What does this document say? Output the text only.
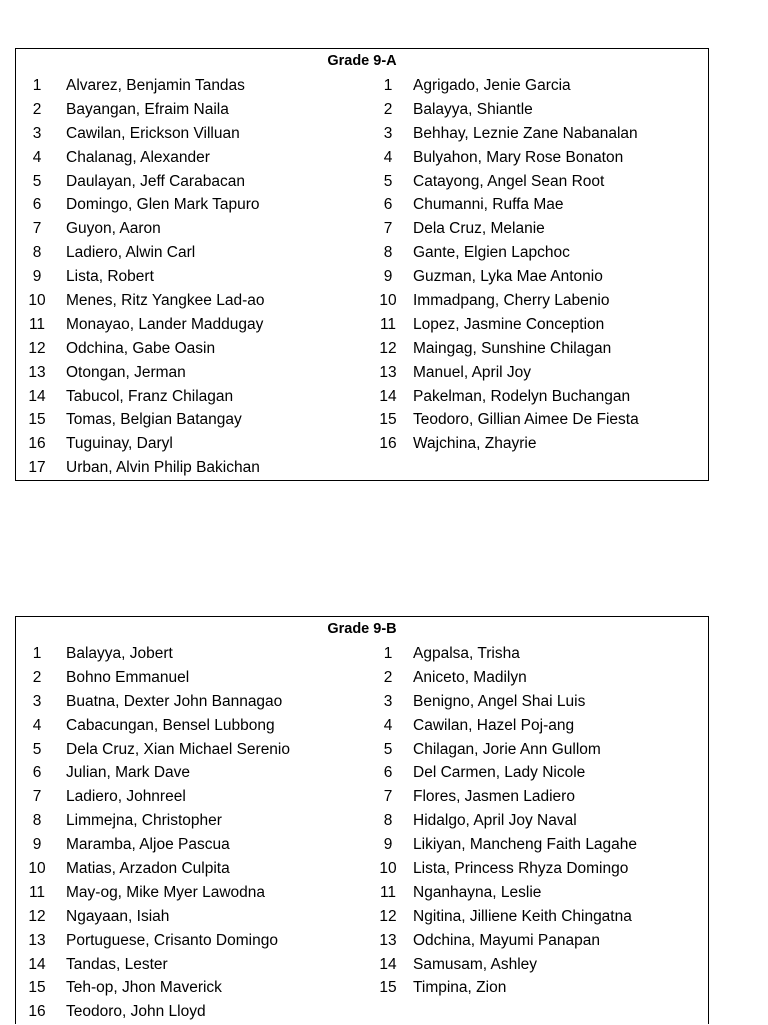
Grade 9-A
1 Alvarez, Benjamin Tandas
2 Bayangan, Efraim Naila
3 Cawilan, Erickson Villuan
4 Chalanag, Alexander
5 Daulayan, Jeff Carabacan
6 Domingo, Glen Mark Tapuro
7 Guyon, Aaron
8 Ladiero, Alwin Carl
9 Lista, Robert
10 Menes, Ritz Yangkee Lad-ao
11 Monayao, Lander Maddugay
12 Odchina, Gabe Oasin
13 Otongan, Jerman
14 Tabucol, Franz Chilagan
15 Tomas, Belgian Batangay
16 Tuguinay, Daryl
17 Urban, Alvin Philip Bakichan
1 Agrigado, Jenie Garcia
2 Balayya, Shiantle
3 Behhay, Leznie Zane Nabanalan
4 Bulyahon, Mary Rose Bonaton
5 Catayong, Angel Sean Root
6 Chumanni, Ruffa Mae
7 Dela Cruz, Melanie
8 Gante, Elgien Lapchoc
9 Guzman, Lyka Mae Antonio
10 Immadpang, Cherry Labenio
11 Lopez, Jasmine Conception
12 Maingag, Sunshine Chilagan
13 Manuel, April Joy
14 Pakelman, Rodelyn Buchangan
15 Teodoro, Gillian Aimee De Fiesta
16 Wajchina, Zhayrie
Grade 9-B
1 Balayya, Jobert
2 Bohno Emmanuel
3 Buatna, Dexter John Bannagao
4 Cabacungan, Bensel Lubbong
5 Dela Cruz, Xian Michael Serenio
6 Julian, Mark Dave
7 Ladiero, Johnreel
8 Limmejna, Christopher
9 Maramba, Aljoe Pascua
10 Matias, Arzadon Culpita
11 May-og, Mike Myer Lawodna
12 Ngayaan, Isiah
13 Portuguese, Crisanto Domingo
14 Tandas, Lester
15 Teh-op, Jhon Maverick
16 Teodoro, John Lloyd
1 Agpalsa, Trisha
2 Aniceto, Madilyn
3 Benigno, Angel Shai Luis
4 Cawilan, Hazel Poj-ang
5 Chilagan, Jorie Ann Gullom
6 Del Carmen, Lady Nicole
7 Flores, Jasmen Ladiero
8 Hidalgo, April Joy Naval
9 Likiyan, Mancheng Faith Lagahe
10 Lista, Princess Rhyza Domingo
11 Nganhayna, Leslie
12 Ngitina, Jilliene Keith Chingatna
13 Odchina, Mayumi Panapan
14 Samusam, Ashley
15 Timpina, Zion
